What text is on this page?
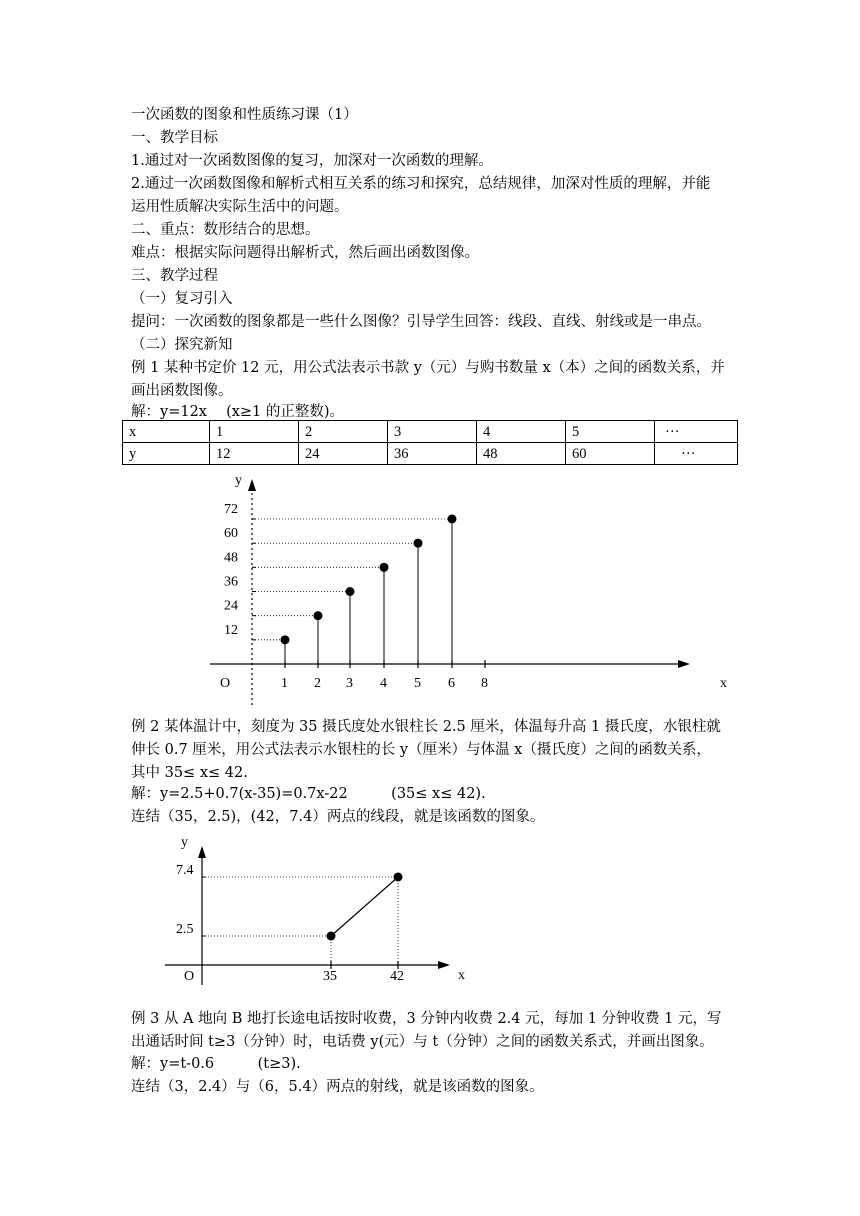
一次函数的图象和性质练习课（1）
一、教学目标
1.通过对一次函数图像的复习，加深对一次函数的理解。
2.通过一次函数图像和解析式相互关系的练习和探究，总结规律，加深对性质的理解，并能
运用性质解决实际生活中的问题。
二、重点：数形结合的思想。
难点：根据实际问题得出解析式，然后画出函数图像。
三、教学过程
（一）复习引入
提问：一次函数的图象都是一些什么图像？引导学生回答：线段、直线、射线或是一串点。
（二）探究新知
例 1 某种书定价 12 元，用公式法表示书款 y（元）与购书数量 x（本）之间的函数关系，并
画出函数图像。
解：y=12x　 (x≥1 的正整数)。
x	1	2	3	4	5	···
y	12	24	36	48	60	···
y
x
O	1 2 3 4 5 6 8
12
24
36
48
60
72
例 2 某体温计中，刻度为 35 摄氏度处水银柱长 2.5 厘米，体温每升高 1 摄氏度，水银柱就
伸长 0.7 厘米，用公式法表示水银柱的长 y（厘米）与体温 x（摄氏度）之间的函数关系，
其中 35≤ x≤ 42.
解：y=2.5+0.7(x-35)=0.7x-22　　　(35≤ x≤ 42).
连结（35，2.5)，(42，7.4）两点的线段，就是该函数的图象。
y
x
O	35	42
2.5
7.4
例 3 从 A 地向 B 地打长途电话按时收费，3 分钟内收费 2.4 元，每加 1 分钟收费 1 元，写
出通话时间 t≥3（分钟）时，电话费 y(元）与 t（分钟）之间的函数关系式，并画出图象。
解：y=t-0.6　　　(t≥3).
连结（3，2.4）与（6，5.4）两点的射线，就是该函数的图象。
